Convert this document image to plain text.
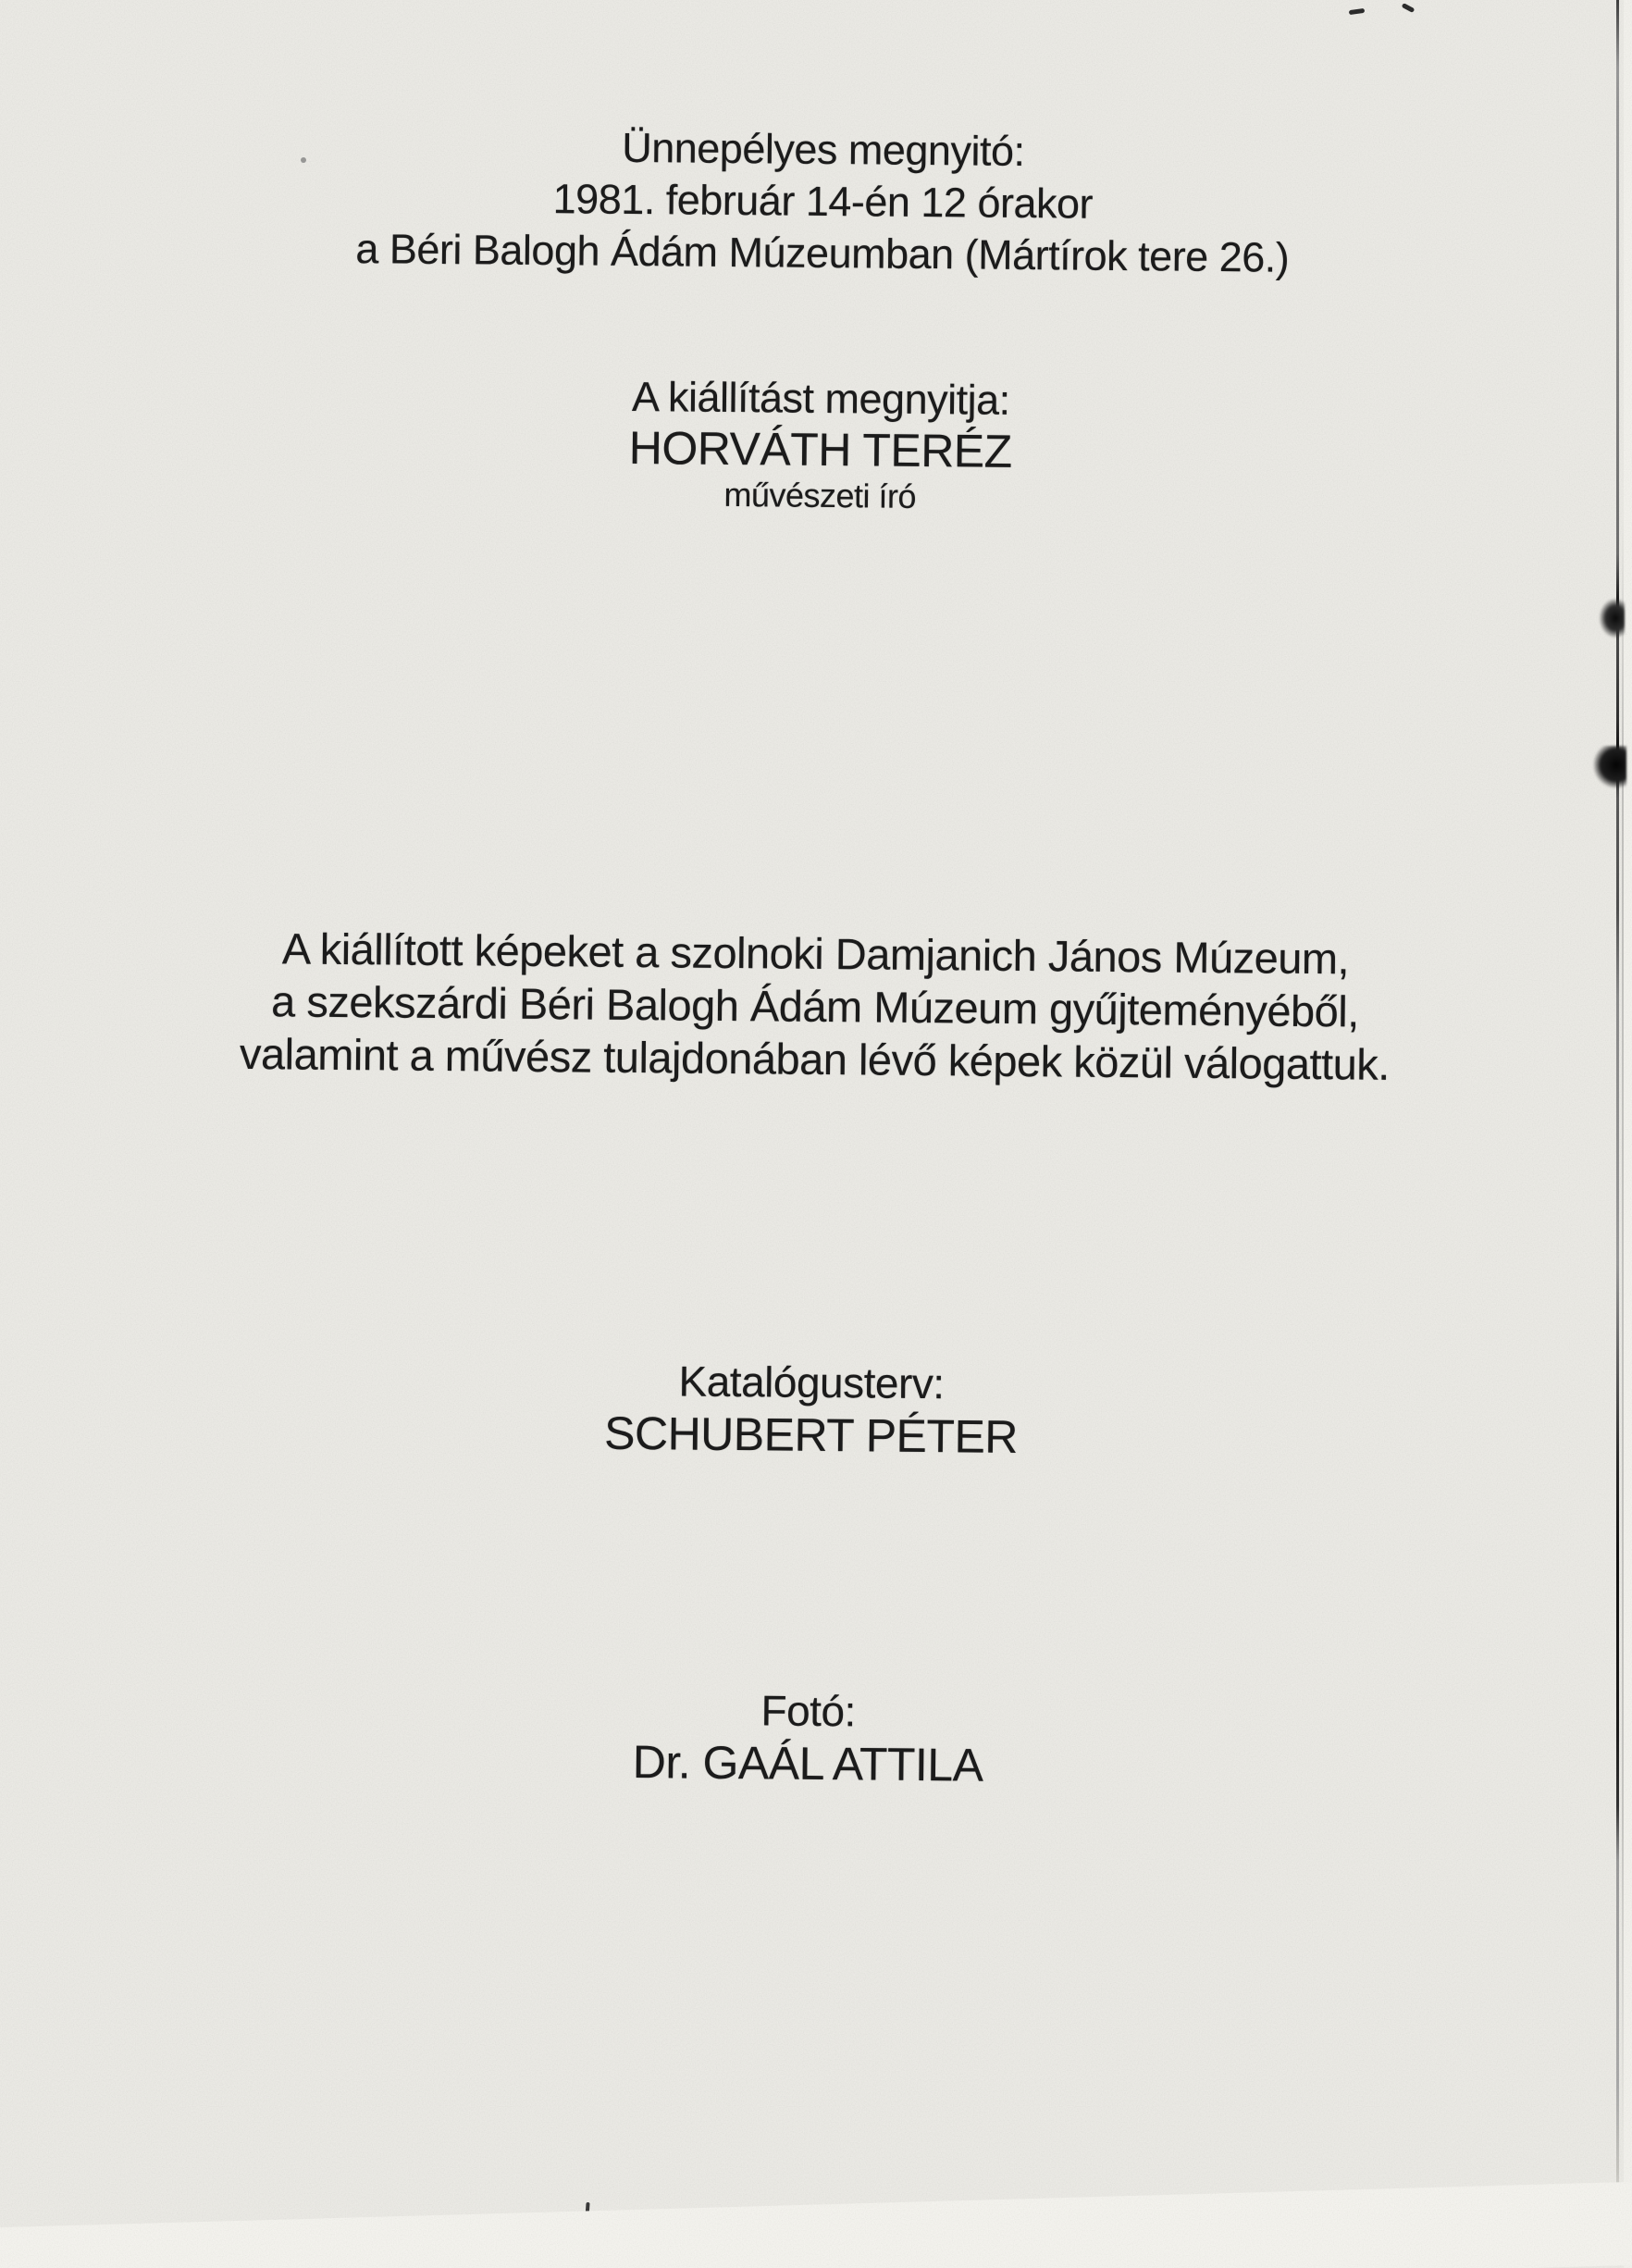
Ünnepélyes megnyitó:
1981. február 14-én 12 órakor
a Béri Balogh Ádám Múzeumban (Mártírok tere 26.)
A kiállítást megnyitja:
HORVÁTH TERÉZ
művészeti író
A kiállított képeket a szolnoki Damjanich János Múzeum,
a szekszárdi Béri Balogh Ádám Múzeum gyűjteményéből,
valamint a művész tulajdonában lévő képek közül válogattuk.
Katalógusterv:
SCHUBERT PÉTER
Fotó:
Dr. GAÁL ATTILA
